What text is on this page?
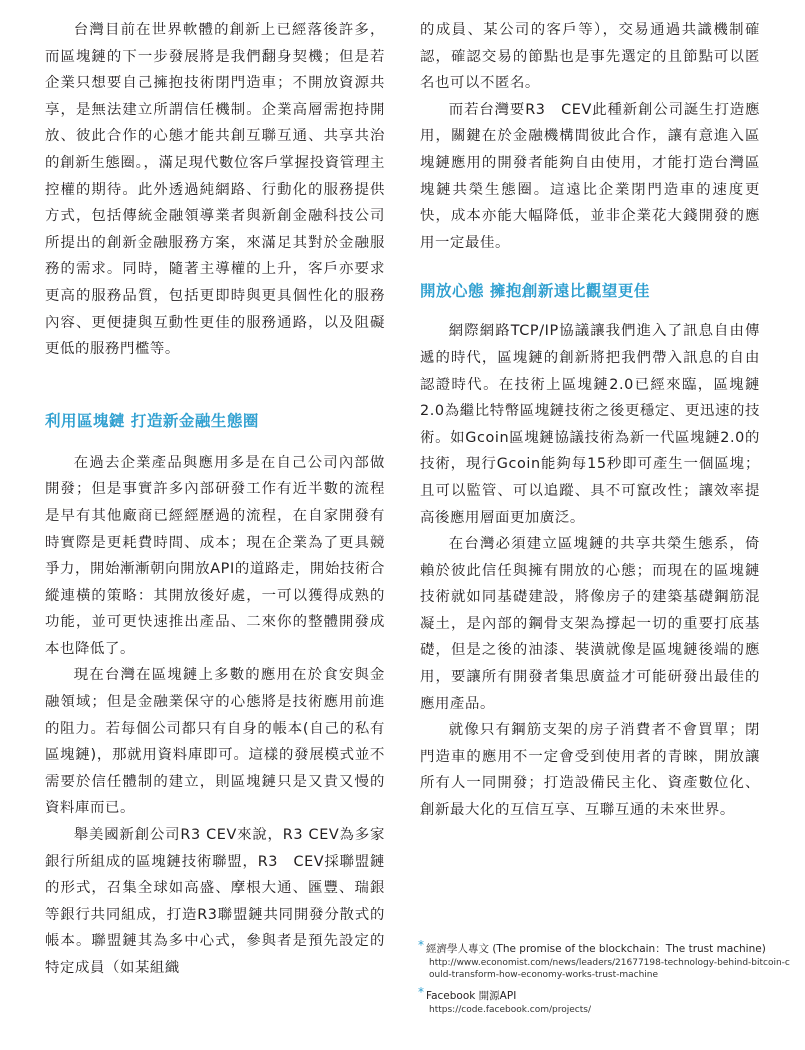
台灣目前在世界軟體的創新上已經落後許多，而區塊鏈的下一步發展將是我們翻身契機；但是若企業只想要自己擁抱技術閉門造車；不開放資源共享，是無法建立所謂信任機制。企業高層需抱持開放、彼此合作的心態才能共創互聯互通、共享共治的創新生態圈。，滿足現代數位客戶掌握投資管理主控權的期待。此外透過純網路、行動化的服務提供方式，包括傳統金融領導業者與新創金融科技公司所提出的創新金融服務方案，來滿足其對於金融服務的需求。同時，隨著主導權的上升，客戶亦要求更高的服務品質，包括更即時與更具個性化的服務內容、更便捷與互動性更佳的服務通路，以及阻礙更低的服務門檻等。

利用區塊鏈 打造新金融生態圈

在過去企業產品與應用多是在自己公司內部做開發；但是事實許多內部研發工作有近半數的流程是早有其他廠商已經經歷過的流程，在自家開發有時實際是更耗費時間、成本；現在企業為了更具競爭力，開始漸漸朝向開放API的道路走，開始技術合縱連橫的策略：其開放後好處，一可以獲得成熟的功能，並可更快速推出產品、二來你的整體開發成本也降低了。

現在台灣在區塊鏈上多數的應用在於食安與金融領域；但是金融業保守的心態將是技術應用前進的阻力。若每個公司都只有自身的帳本(自己的私有區塊鏈)，那就用資料庫即可。這樣的發展模式並不需要於信任體制的建立，則區塊鏈只是又貴又慢的資料庫而已。

舉美國新創公司R3 CEV來說，R3 CEV為多家銀行所組成的區塊鏈技術聯盟，R3　CEV採聯盟鏈的形式，召集全球如高盛、摩根大通、匯豐、瑞銀等銀行共同組成，打造R3聯盟鏈共同開發分散式的帳本。聯盟鏈其為多中心式，參與者是預先設定的特定成員（如某組織

的成員、某公司的客戶等），交易通過共識機制確認，確認交易的節點也是事先選定的且節點可以匿名也可以不匿名。

而若台灣要R3　CEV此種新創公司誕生打造應用，關鍵在於金融機構間彼此合作，讓有意進入區塊鏈應用的開發者能夠自由使用，才能打造台灣區塊鏈共榮生態圈。這遠比企業閉門造車的速度更快，成本亦能大幅降低，並非企業花大錢開發的應用一定最佳。

開放心態 擁抱創新遠比觀望更佳

網際網路TCP/IP協議讓我們進入了訊息自由傳遞的時代，區塊鏈的創新將把我們帶入訊息的自由認證時代。在技術上區塊鏈2.0已經來臨，區塊鏈2.0為繼比特幣區塊鏈技術之後更穩定、更迅速的技術。如Gcoin區塊鏈協議技術為新一代區塊鏈2.0的技術，現行Gcoin能夠每15秒即可產生一個區塊；且可以監管、可以追蹤、具不可竄改性；讓效率提高後應用層面更加廣泛。

在台灣必須建立區塊鏈的共享共榮生態系，倚賴於彼此信任與擁有開放的心態；而現在的區塊鏈技術就如同基礎建設，將像房子的建築基礎鋼筋混凝土，是內部的鋼骨支架為撐起一切的重要打底基礎，但是之後的油漆、裝潢就像是區塊鏈後端的應用，要讓所有開發者集思廣益才可能研發出最佳的應用產品。

就像只有鋼筋支架的房子消費者不會買單；閉門造車的應用不一定會受到使用者的青睞，開放讓所有人一同開發；打造設備民主化、資產數位化、創新最大化的互信互享、互聯互通的未來世界。

* 經濟學人專文 (The promise of the blockchain：The trust machine)
http://www.economist.com/news/leaders/21677198-technology-behind-bitcoin-could-transform-how-economy-works-trust-machine
* Facebook 開源API
https://code.facebook.com/projects/
